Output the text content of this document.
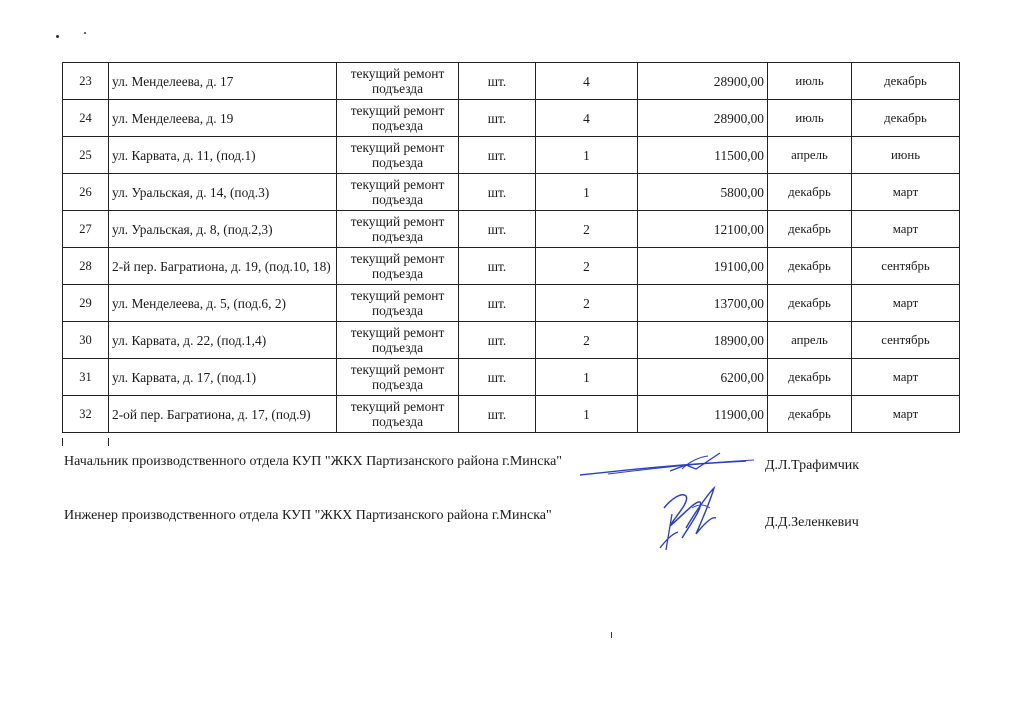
23	ул. Менделеева, д. 17	текущий ремонт подъезда	шт.	4	28900,00	июль	декабрь
24	ул. Менделеева, д. 19	текущий ремонт подъезда	шт.	4	28900,00	июль	декабрь
25	ул. Карвата, д. 11, (под.1)	текущий ремонт подъезда	шт.	1	11500,00	апрель	июнь
26	ул. Уральская, д. 14, (под.3)	текущий ремонт подъезда	шт.	1	5800,00	декабрь	март
27	ул. Уральская, д. 8, (под.2,3)	текущий ремонт подъезда	шт.	2	12100,00	декабрь	март
28	2-й пер. Багратиона, д. 19, (под.10, 18)	текущий ремонт подъезда	шт.	2	19100,00	декабрь	сентябрь
29	ул. Менделеева, д. 5, (под.6, 2)	текущий ремонт подъезда	шт.	2	13700,00	декабрь	март
30	ул. Карвата, д. 22, (под.1,4)	текущий ремонт подъезда	шт.	2	18900,00	апрель	сентябрь
31	ул. Карвата, д. 17, (под.1)	текущий ремонт подъезда	шт.	1	6200,00	декабрь	март
32	2-ой пер. Багратиона, д. 17, (под.9)	текущий ремонт подъезда	шт.	1	11900,00	декабрь	март
Начальник производственного отдела КУП "ЖКХ Партизанского района г.Минска"	Д.Л.Трафимчик
Инженер производственного отдела КУП "ЖКХ Партизанского района г.Минска"	Д.Д.Зеленкевич
